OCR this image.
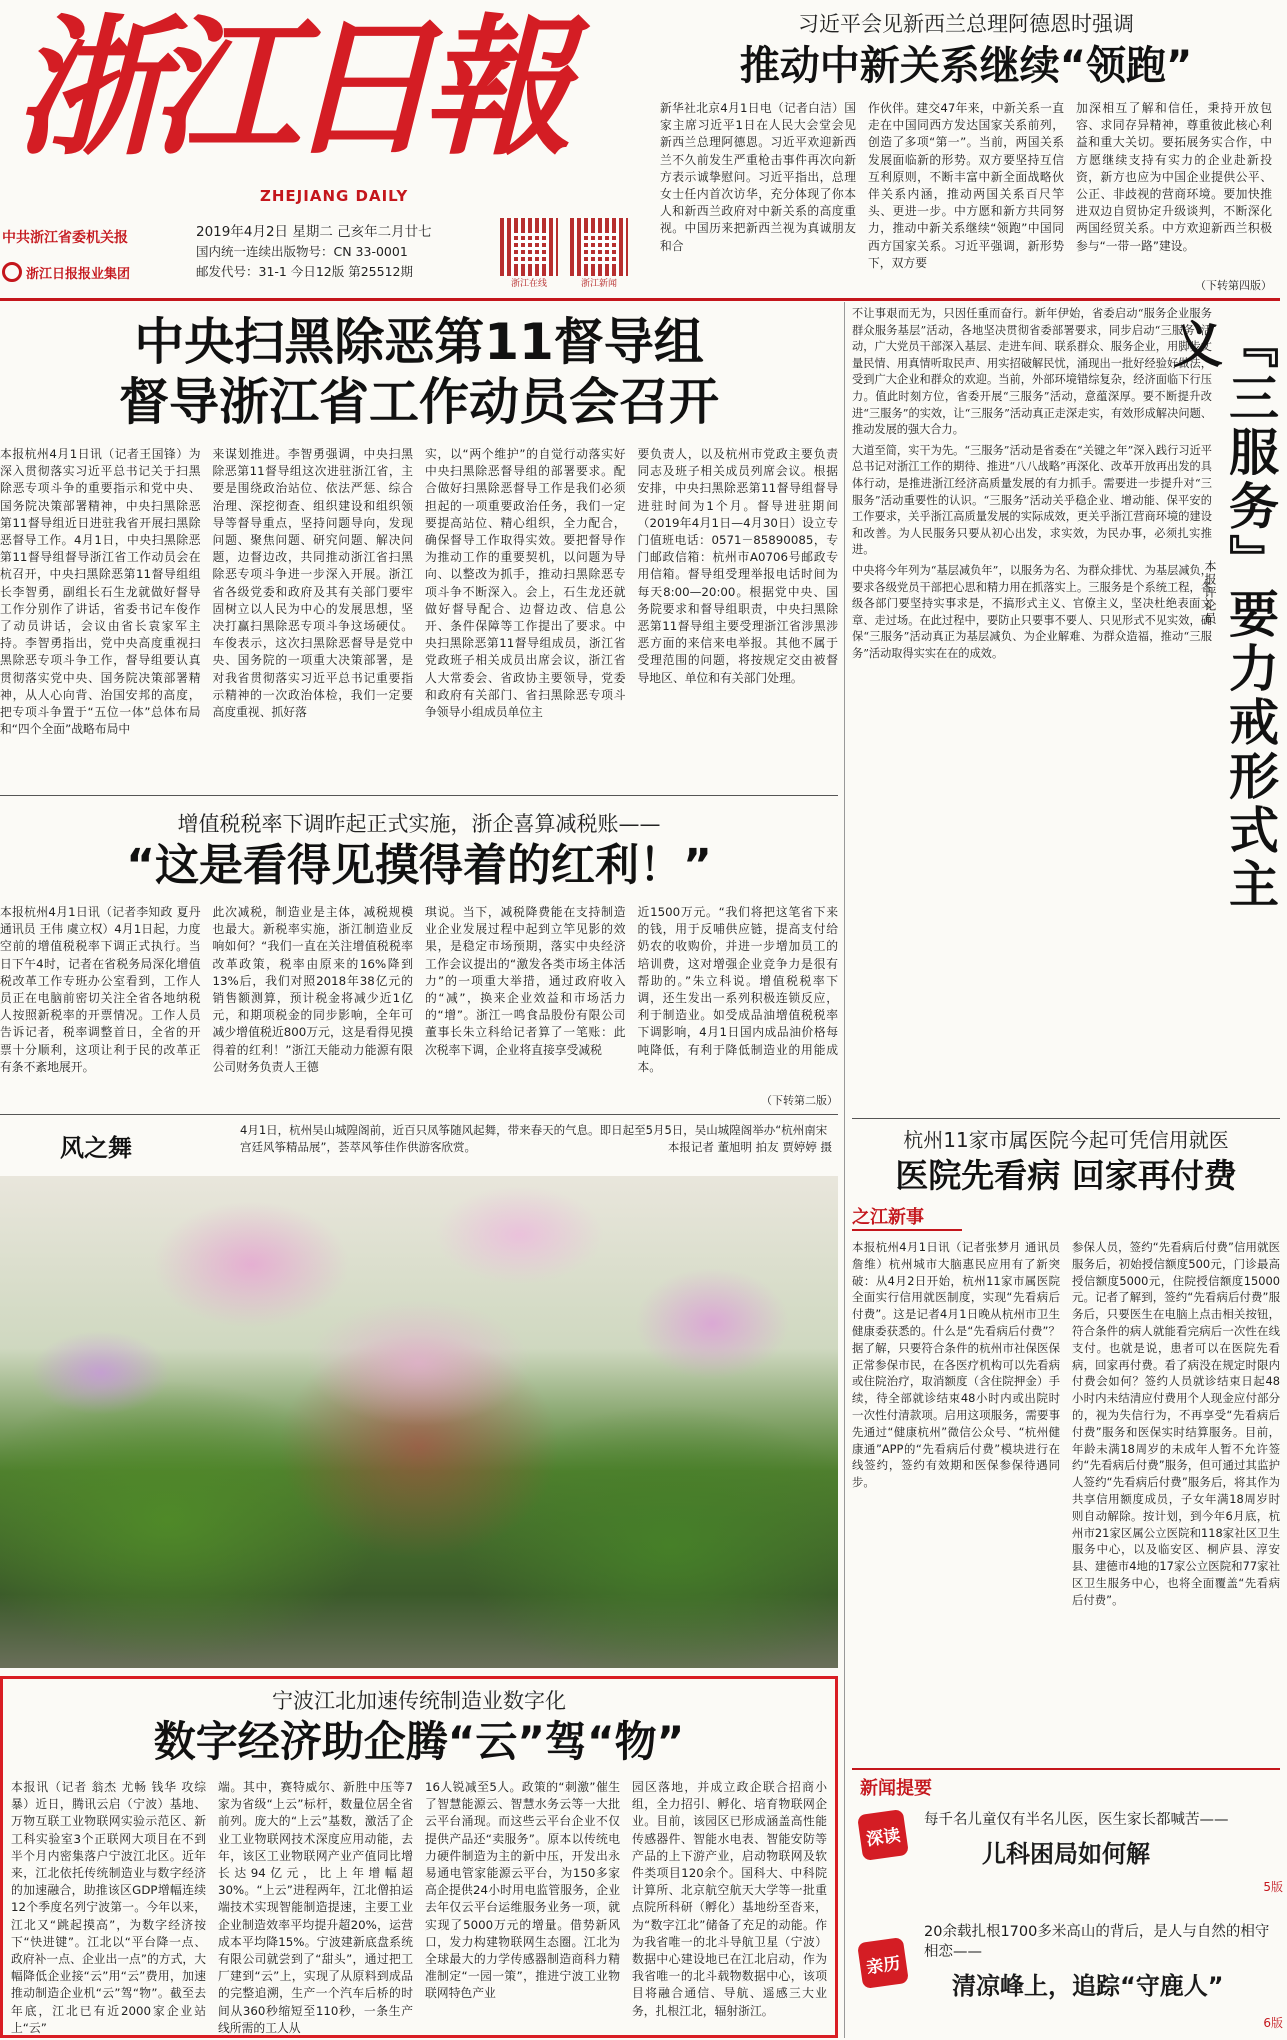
浙江日報
ZHEJIANG DAILY
中共浙江省委机关报
浙江日报报业集团
2019年4月2日 星期二 己亥年二月廿七
国内统一连续出版物号：CN 33-0001
邮发代号：31-1 今日12版 第25512期
浙江在线	浙江新闻
习近平会见新西兰总理阿德恩时强调
推动中新关系继续“领跑”
新华社北京4月1日电（记者白洁）国家主席习近平1日在人民大会堂会见新西兰总理阿德恩。习近平欢迎新西兰不久前发生严重枪击事件再次向新方表示诚挚慰问。习近平指出，总理女士任内首次访华，充分体现了你本人和新西兰政府对中新关系的高度重视。中国历来把新西兰视为真诚朋友和合
作伙伴。建交47年来，中新关系一直走在中国同西方发达国家关系前列，创造了多项“第一”。当前，两国关系发展面临新的形势。双方要坚持互信互利原则，不断丰富中新全面战略伙伴关系内涵，推动两国关系百尺竿头、更进一步。中方愿和新方共同努力，推动中新关系继续“领跑”中国同西方国家关系。习近平强调，新形势下，双方要
加深相互了解和信任，秉持开放包容、求同存异精神，尊重彼此核心利益和重大关切。要拓展务实合作，中方愿继续支持有实力的企业赴新投资，新方也应为中国企业提供公平、公正、非歧视的营商环境。要加快推进双边自贸协定升级谈判，不断深化两国经贸关系。中方欢迎新西兰积极参与“一带一路”建设。
（下转第四版）
中央扫黑除恶第11督导组
督导浙江省工作动员会召开
本报杭州4月1日讯（记者王国锋）为深入贯彻落实习近平总书记关于扫黑除恶专项斗争的重要指示和党中央、国务院决策部署精神，中央扫黑除恶第11督导组近日进驻我省开展扫黑除恶督导工作。4月1日，中央扫黑除恶第11督导组督导浙江省工作动员会在杭召开，中央扫黑除恶第11督导组组长李智勇，副组长石生龙就做好督导工作分别作了讲话，省委书记车俊作了动员讲话，会议由省长袁家军主持。李智勇指出，党中央高度重视扫黑除恶专项斗争工作，督导组要认真贯彻落实党中央、国务院决策部署精神，从人心向背、治国安邦的高度，把专项斗争置于“五位一体”总体布局和“四个全面”战略布局中
来谋划推进。李智勇强调，中央扫黑除恶第11督导组这次进驻浙江省，主要是围绕政治站位、依法严惩、综合治理、深挖彻查、组织建设和组织领导等督导重点，坚持问题导向，发现问题、聚焦问题、研究问题、解决问题，边督边改，共同推动浙江省扫黑除恶专项斗争进一步深入开展。浙江省各级党委和政府及其有关部门要牢固树立以人民为中心的发展思想，坚决打赢扫黑除恶专项斗争这场硬仗。车俊表示，这次扫黑除恶督导是党中央、国务院的一项重大决策部署，是对我省贯彻落实习近平总书记重要指示精神的一次政治体检，我们一定要高度重视、抓好落
实，以“两个维护”的自觉行动落实好中央扫黑除恶督导组的部署要求。配合做好扫黑除恶督导工作是我们必须担起的一项重要政治任务，我们一定要提高站位、精心组织，全力配合，确保督导工作取得实效。要把督导作为推动工作的重要契机，以问题为导向、以整改为抓手，推动扫黑除恶专项斗争不断深入。会上，石生龙还就做好督导配合、边督边改、信息公开、条件保障等工作提出了要求。中央扫黑除恶第11督导组成员，浙江省党政班子相关成员出席会议，浙江省人大常委会、省政协主要领导，党委和政府有关部门、省扫黑除恶专项斗争领导小组成员单位主
要负责人，以及杭州市党政主要负责同志及班子相关成员列席会议。根据安排，中央扫黑除恶第11督导组督导进驻时间为1个月。督导进驻期间（2019年4月1日—4月30日）设立专门值班电话：0571－85890085，专门邮政信箱：杭州市A0706号邮政专用信箱。督导组受理举报电话时间为每天8:00—20:00。根据党中央、国务院要求和督导组职责，中央扫黑除恶第11督导组主要受理浙江省涉黑涉恶方面的来信来电举报。其他不属于受理范围的问题，将按规定交由被督导地区、单位和有关部门处理。
增值税税率下调昨起正式实施，浙企喜算减税账——
“这是看得见摸得着的红利！”
本报杭州4月1日讯（记者李知政 夏丹 通讯员 王伟 虞立权）4月1日起，力度空前的增值税税率下调正式执行。当日下午4时，记者在省税务局深化增值税改革工作专班办公室看到，工作人员正在电脑前密切关注全省各地纳税人按照新税率的开票情况。工作人员告诉记者，税率调整首日，全省的开票十分顺利，这项让利于民的改革正有条不紊地展开。
此次减税，制造业是主体，减税规模也最大。新税率实施，浙江制造业反响如何？“我们一直在关注增值税税率改革政策，税率由原来的16%降到13%后，我们对照2018年38亿元的销售额测算，预计税金将减少近1亿元，和期项税金的同步影响，全年可减少增值税近800万元，这是看得见摸得着的红利！”浙江天能动力能源有限公司财务负责人王德
琪说。当下，减税降费能在支持制造业企业发展过程中起到立竿见影的效果，是稳定市场预期，落实中央经济工作会议提出的“激发各类市场主体活力”的一项重大举措，通过政府收入的“减”，换来企业效益和市场活力的“增”。浙江一鸣食品股份有限公司董事长朱立科给记者算了一笔账：此次税率下调，企业将直接享受减税
近1500万元。“我们将把这笔省下来的钱，用于反哺供应链，提高支付给奶农的收购价，并进一步增加员工的培训费，这对增强企业竞争力是很有帮助的。”朱立科说。增值税税率下调，还生发出一系列积极连锁反应，利于制造业。如受成品油增值税税率下调影响，4月1日国内成品油价格每吨降低，有利于降低制造业的用能成本。
（下转第二版）
风之舞
4月1日，杭州吴山城隍阁前，近百只凤筝随风起舞，带来春天的气息。即日起至5月5日，吴山城隍阁举办“杭州南宋宫廷风筝精品展”，荟萃风筝佳作供游客欣赏。	本报记者 董旭明 拍友 贾婷婷 摄
宁波江北加速传统制造业数字化
数字经济助企腾“云”驾“物”
本报讯（记者 翁杰 尤畅 钱华 攻综暴）近日，腾讯云启（宁波）基地、万物互联工业物联网实验示范区、新工科实验室3个正联网大项目在不到半个月内密集落户宁波江北区。近年来，江北依托传统制造业与数字经济的加速融合，助推该区GDP增幅连续12个季度名列宁波第一。今年以来，江北又“跳起摸高”，为数字经济按下“快进键”。江北以“平台降一点、政府补一点、企业出一点”的方式，大幅降低企业接“云”用“云”费用，加速推动制造企业机“云”驾“物”。截至去年底，江北已有近2000家企业站上“云”
端。其中，赛特威尔、新胜中压等7家为省级“上云”标杆，数量位居全省前列。庞大的“上云”基数，激活了企业工业物联网技术深度应用动能，去年，该区工业物联网产业产值同比增长达94亿元，比上年增幅超30%。“上云”进程两年，江北僧拍运端技术实现智能制造提速，主要工业企业制造效率平均提升超20%，运营成本平均降15%。宁波建新底盘系统有限公司就尝到了“甜头”，通过把工厂建到“云”上，实现了从原料到成品的完整追溯，生产一个汽车后桥的时间从360秒缩短至110秒，一条生产线所需的工人从
16人锐减至5人。政策的“刺激”催生了智慧能源云、智慧水务云等一大批云平台涌现。而这些云平台企业不仅提供产品还“卖服务”。原本以传统电力硬件制造为主的新中压，开发出永易通电管家能源云平台，为150多家高企提供24小时用电监管服务，企业去年仅云平台运维服务业务一项，就实现了5000万元的增量。借势新风口，发力构建物联网生态圈。江北为全球最大的力学传感器制造商科力精准制定“一园一策”，推进宁波工业物联网特色产业
园区落地，并成立政企联合招商小组，全力招引、孵化、培育物联网企业。目前，该园区已形成涵盖高性能传感器件、智能水电表、智能安防等产品的上下游产业，启动物联网及软件类项目120余个。国科大、中科院计算所、北京航空航天大学等一批重点院所科研（孵化）基地纷至沓来，为“数字江北”储备了充足的动能。作为我省唯一的北斗导航卫星（宁波）数据中心建设地已在江北启动，作为我省唯一的北斗载物数据中心，该项目将融合通信、导航、遥感三大业务，扎根江北，辐射浙江。

不让事艰而无为，只因任重而奋行。新年伊始，省委启动“服务企业服务群众服务基层”活动，各地坚决贯彻省委部署要求，同步启动“三服务”活动，广大党员干部深入基层、走进车间、联系群众、服务企业，用脚步丈量民情、用真情听取民声、用实招破解民忧，涌现出一批好经验好做法，受到广大企业和群众的欢迎。当前，外部环境错综复杂，经济面临下行压力。值此时刻方位，省委开展“三服务”活动，意蕴深厚。要不断提升改进“三服务”的实效，让“三服务”活动真正走深走实，有效形成解决问题、推动发展的强大合力。

大道至简，实干为先。“三服务”活动是省委在“关键之年”深入践行习近平总书记对浙江工作的期待、推进“八八战略”再深化、改革开放再出发的具体行动，是推进浙江经济高质量发展的有力抓手。需要进一步提升对“三服务”活动重要性的认识。“三服务”活动关乎稳企业、增动能、保平安的工作要求，关乎浙江高质量发展的实际成效，更关乎浙江营商环境的建设和改善。为人民服务只要从初心出发，求实效，为民办事，必须扎实推进。

中央将今年列为“基层减负年”，以服务为名、为群众排忧、为基层减负，要求各级党员干部把心思和精力用在抓落实上。三服务是个系统工程，各级各部门要坚持实事求是，不搞形式主义、官僚主义，坚决杜绝表面文章、走过场。在此过程中，要防止只要事不要人、只见形式不见实效，确保“三服务”活动真正为基层减负、为企业解难、为群众造福，推动“三服务”活动取得实实在在的成效。	『三服务』要力戒形式主义
本报评论员
杭州11家市属医院今起可凭信用就医
医院先看病 回家再付费
之江新事
本报杭州4月1日讯（记者张梦月 通讯员 詹维）杭州城市大脑惠民应用有了新突破：从4月2日开始，杭州11家市属医院全面实行信用就医制度，实现“先看病后付费”。这是记者4月1日晚从杭州市卫生健康委获悉的。什么是“先看病后付费”？据了解，只要符合条件的杭州市社保医保正常参保市民，在各医疗机构可以先看病或住院治疗，取消额度（含住院押金）手续，待全部就诊结束48小时内或出院时一次性付清款项。启用这项服务，需要事先通过“健康杭州”微信公众号、“杭州健康通”APP的“先看病后付费”模块进行在线签约，签约有效期和医保参保待遇同步。
参保人员，签约“先看病后付费”信用就医服务后，初始授信额度500元，门诊最高授信额度5000元，住院授信额度15000元。记者了解到，签约“先看病后付费”服务后，只要医生在电脑上点击相关按钮，符合条件的病人就能看完病后一次性在线支付。也就是说，患者可以在医院先看病，回家再付费。看了病没在规定时限内付费会如何？签约人员就诊结束日起48小时内未结清应付费用个人现金应付部分的，视为失信行为，不再享受“先看病后付费”服务和医保实时结算服务。目前，年龄未满18周岁的未成年人暂不允许签约“先看病后付费”服务，但可通过其监护人签约“先看病后付费”服务后，将其作为共享信用额度成员，子女年满18周岁时则自动解除。按计划，到今年6月底，杭州市21家区属公立医院和118家社区卫生服务中心，以及临安区、桐庐县、淳安县、建德市4地的17家公立医院和77家社区卫生服务中心，也将全面覆盖“先看病后付费”。
新闻提要
深读
每千名儿童仅有半名儿医，医生家长都喊苦——
儿科困局如何解
5版
亲历
20余载扎根1700多米高山的背后，是人与自然的相守相恋——
清凉峰上，追踪“守鹿人”
6版
